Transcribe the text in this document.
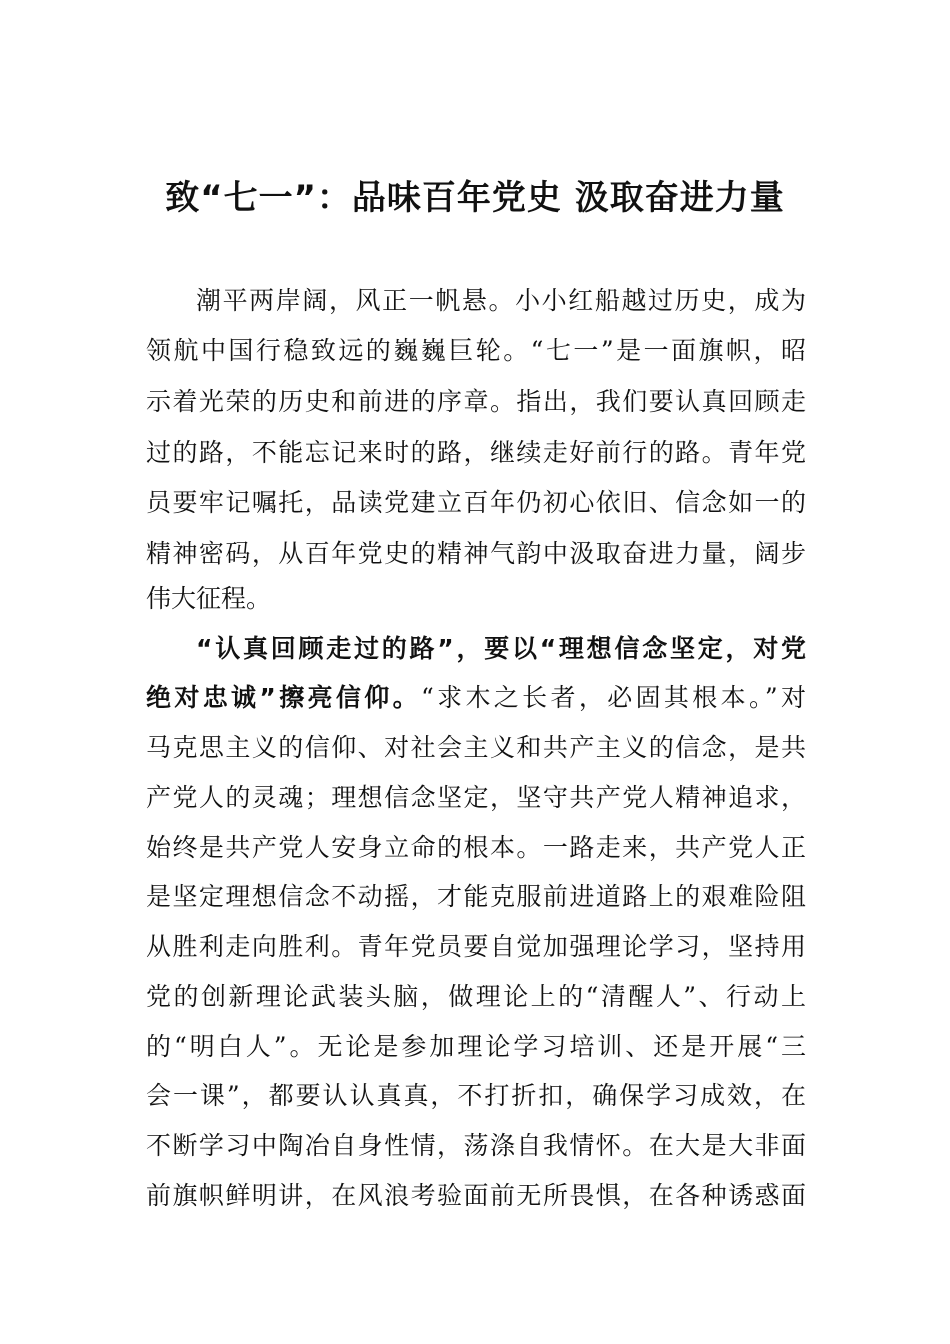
致“七一”：品味百年党史 汲取奋进力量
潮平两岸阔，风正一帆悬。小小红船越过历史，成为
领航中国行稳致远的巍巍巨轮。“七一”是一面旗帜，昭
示着光荣的历史和前进的序章。指出，我们要认真回顾走
过的路，不能忘记来时的路，继续走好前行的路。青年党
员要牢记嘱托，品读党建立百年仍初心依旧、信念如一的
精神密码，从百年党史的精神气韵中汲取奋进力量，阔步
伟大征程。
“认真回顾走过的路”，要以“理想信念坚定，对党
绝对忠诚”擦亮信仰。“求木之长者，必固其根本。”对
马克思主义的信仰、对社会主义和共产主义的信念，是共
产党人的灵魂；理想信念坚定，坚守共产党人精神追求，
始终是共产党人安身立命的根本。一路走来，共产党人正
是坚定理想信念不动摇，才能克服前进道路上的艰难险阻
从胜利走向胜利。青年党员要自觉加强理论学习，坚持用
党的创新理论武装头脑，做理论上的“清醒人”、行动上
的“明白人”。无论是参加理论学习培训、还是开展“三
会一课”，都要认认真真，不打折扣，确保学习成效，在
不断学习中陶冶自身性情，荡涤自我情怀。在大是大非面
前旗帜鲜明讲，在风浪考验面前无所畏惧，在各种诱惑面
